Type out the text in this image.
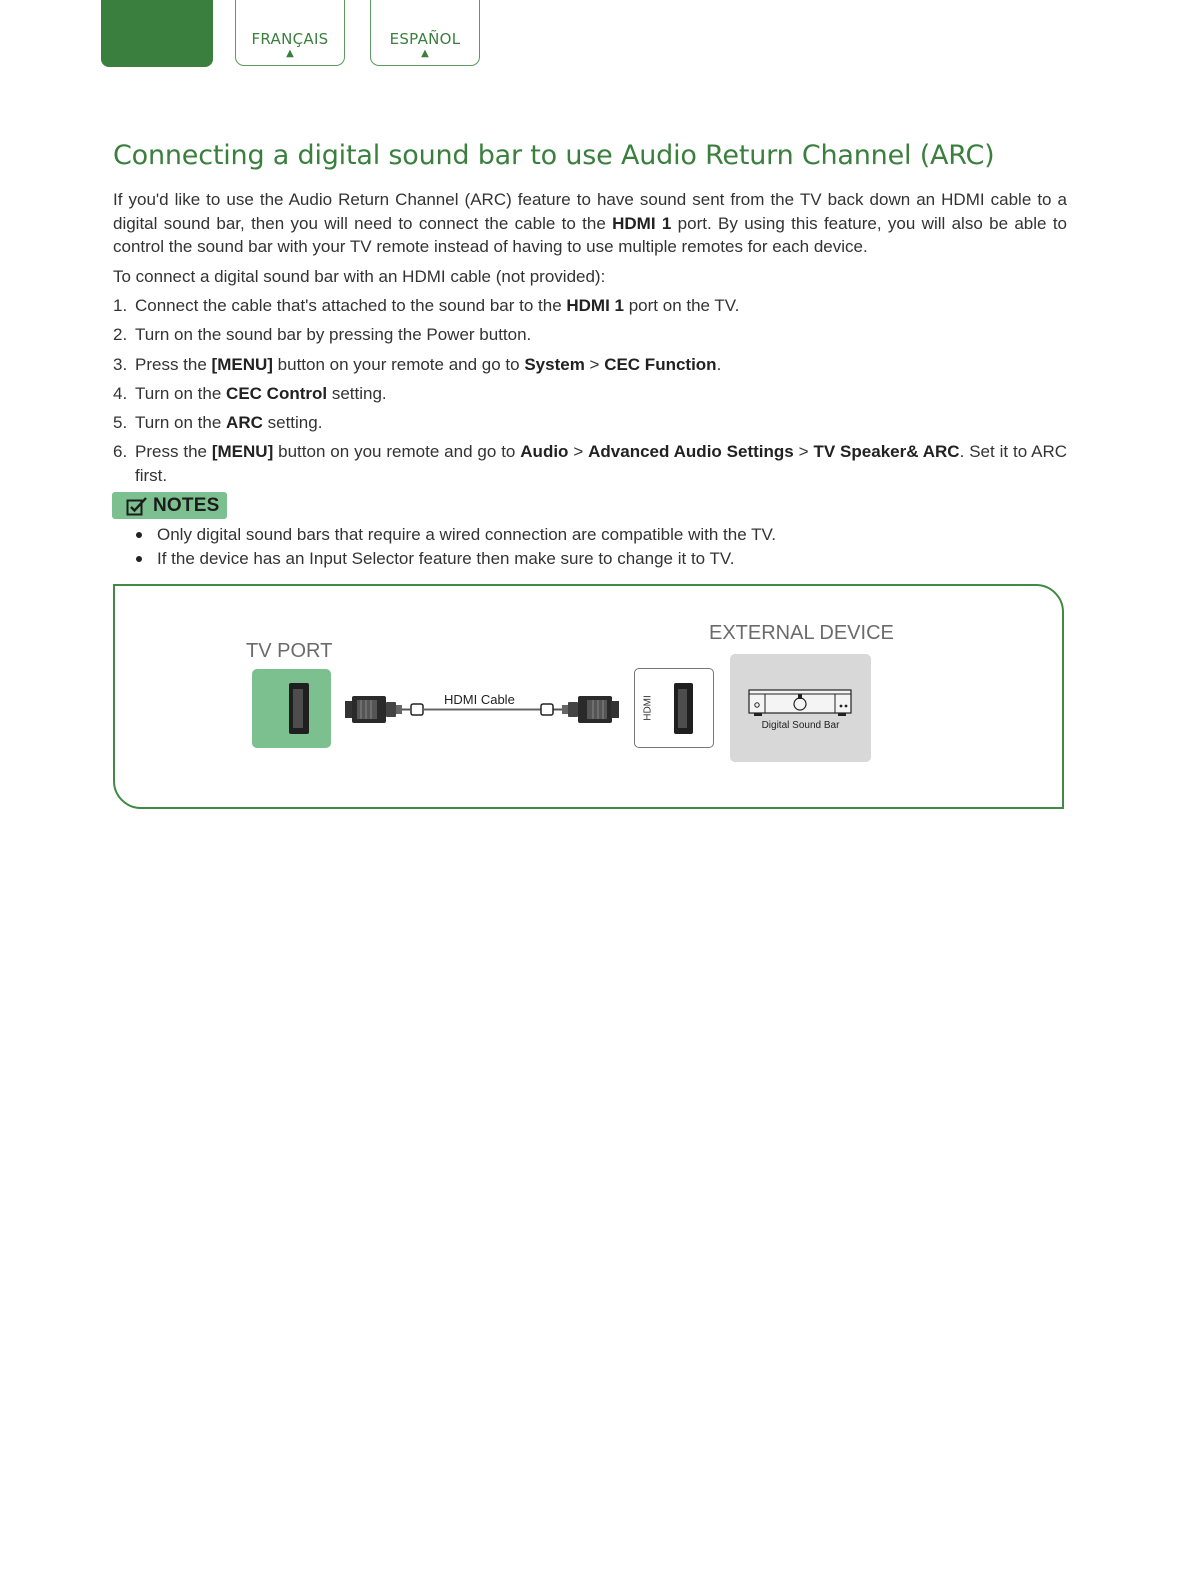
FRANÇAIS
▲
ESPAÑOL
▲
Connecting a digital sound bar to use Audio Return Channel (ARC)

If you'd like to use the Audio Return Channel (ARC) feature to have sound sent from the TV back down an HDMI cable to a digital sound bar, then you will need to connect the cable to the HDMI 1 port. By using this feature, you will also be able to control the sound bar with your TV remote instead of having to use multiple remotes for each device.

To connect a digital sound bar with an HDMI cable (not provided):

1. Connect the cable that's attached to the sound bar to the HDMI 1 port on the TV.
2. Turn on the sound bar by pressing the Power button.
3. Press the [MENU] button on your remote and go to System > CEC Function.
4. Turn on the CEC Control setting.
5. Turn on the ARC setting.
6. Press the [MENU] button on you remote and go to Audio > Advanced Audio Settings > TV Speaker& ARC. Set it to ARC first.
NOTES
Only digital sound bars that require a wired connection are compatible with the TV.
If the device has an Input Selector feature then make sure to change it to TV.
TV PORT
EXTERNAL DEVICE
HDMI Cable	HDMI
Digital Sound Bar
